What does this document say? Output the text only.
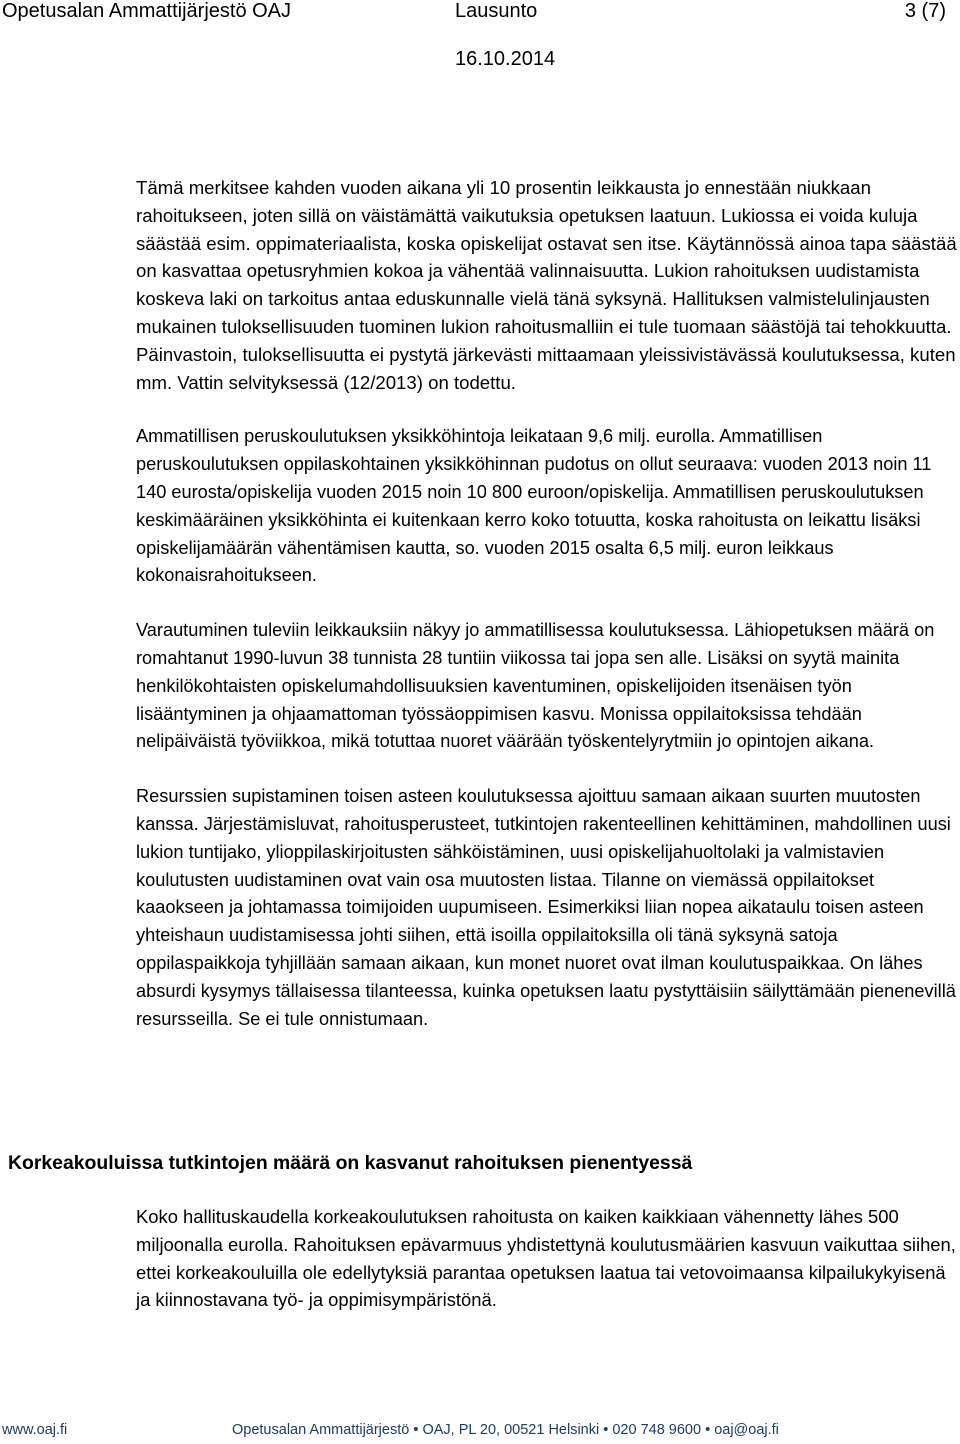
Opetusalan Ammattijärjestö OAJ	Lausunto	3 (7)
16.10.2014

Tämä merkitsee kahden vuoden aikana yli 10 prosentin leikkausta jo ennestään niukkaan rahoitukseen, joten sillä on väistämättä vaikutuksia opetuksen laatuun. Lukiossa ei voida kuluja säästää esim. oppimateriaalista, koska opiskelijat ostavat sen itse. Käytännössä ainoa tapa säästää on kasvattaa opetusryhmien kokoa ja vähentää valinnaisuutta. Lukion rahoituksen uudistamista koskeva laki on tarkoitus antaa eduskunnalle vielä tänä syksynä. Hallituksen valmistelulinjausten mukainen tuloksellisuuden tuominen lukion rahoitusmalliin ei tule tuomaan säästöjä tai tehokkuutta. Päinvastoin, tuloksellisuutta ei pystytä järkevästi mittaamaan yleissivistävässä koulutuksessa, kuten mm. Vattin selvityksessä (12/2013) on todettu.

Ammatillisen peruskoulutuksen yksikköhintoja leikataan 9,6 milj. eurolla. Ammatillisen peruskoulutuksen oppilaskohtainen yksikköhinnan pudotus on ollut seuraava: vuoden 2013 noin 11 140 eurosta/opiskelija vuoden 2015 noin 10 800 euroon/opiskelija. Ammatillisen peruskoulutuksen keskimääräinen yksikköhinta ei kuitenkaan kerro koko totuutta, koska rahoitusta on leikattu lisäksi opiskelijamäärän vähentämisen kautta, so. vuoden 2015 osalta 6,5 milj. euron leikkaus kokonaisrahoitukseen.

Varautuminen tuleviin leikkauksiin näkyy jo ammatillisessa koulutuksessa. Lähiopetuksen määrä on romahtanut 1990-luvun 38 tunnista 28 tuntiin viikossa tai jopa sen alle. Lisäksi on syytä mainita henkilökohtaisten opiskelumahdollisuuksien kaventuminen, opiskelijoiden itsenäisen työn lisääntyminen ja ohjaamattoman työssäoppimisen kasvu. Monissa oppilaitoksissa tehdään nelipäiväistä työviikkoa, mikä totuttaa nuoret väärään työskentelyrytmiin jo opintojen aikana.

Resurssien supistaminen toisen asteen koulutuksessa ajoittuu samaan aikaan suurten muutosten kanssa. Järjestämisluvat, rahoitusperusteet, tutkintojen rakenteellinen kehittäminen, mahdollinen uusi lukion tuntijako, ylioppilaskirjoitusten sähköistäminen, uusi opiskelijahuoltolaki ja valmistavien koulutusten uudistaminen ovat vain osa muutosten listaa. Tilanne on viemässä oppilaitokset kaaokseen ja johtamassa toimijoiden uupumiseen. Esimerkiksi liian nopea aikataulu toisen asteen yhteishaun uudistamisessa johti siihen, että isoilla oppilaitoksilla oli tänä syksynä satoja oppilaspaikkoja tyhjillään samaan aikaan, kun monet nuoret ovat ilman koulutuspaikkaa. On lähes absurdi kysymys tällaisessa tilanteessa, kuinka opetuksen laatu pystyttäisiin säilyttämään pienenevillä resursseilla. Se ei tule onnistumaan.

Korkeakouluissa tutkintojen määrä on kasvanut rahoituksen pienentyessä

Koko hallituskaudella korkeakoulutuksen rahoitusta on kaiken kaikkiaan vähennetty lähes 500 miljoonalla eurolla. Rahoituksen epävarmuus yhdistettynä koulutusmäärien kasvuun vaikuttaa siihen, ettei korkeakouluilla ole edellytyksiä parantaa opetuksen laatua tai vetovoimaansa kilpailukykyisenä ja kiinnostavana työ- ja oppimisympäristönä.

www.oaj.fi	Opetusalan Ammattijärjestö • OAJ, PL 20, 00521 Helsinki • 020 748 9600 • oaj@oaj.fi
